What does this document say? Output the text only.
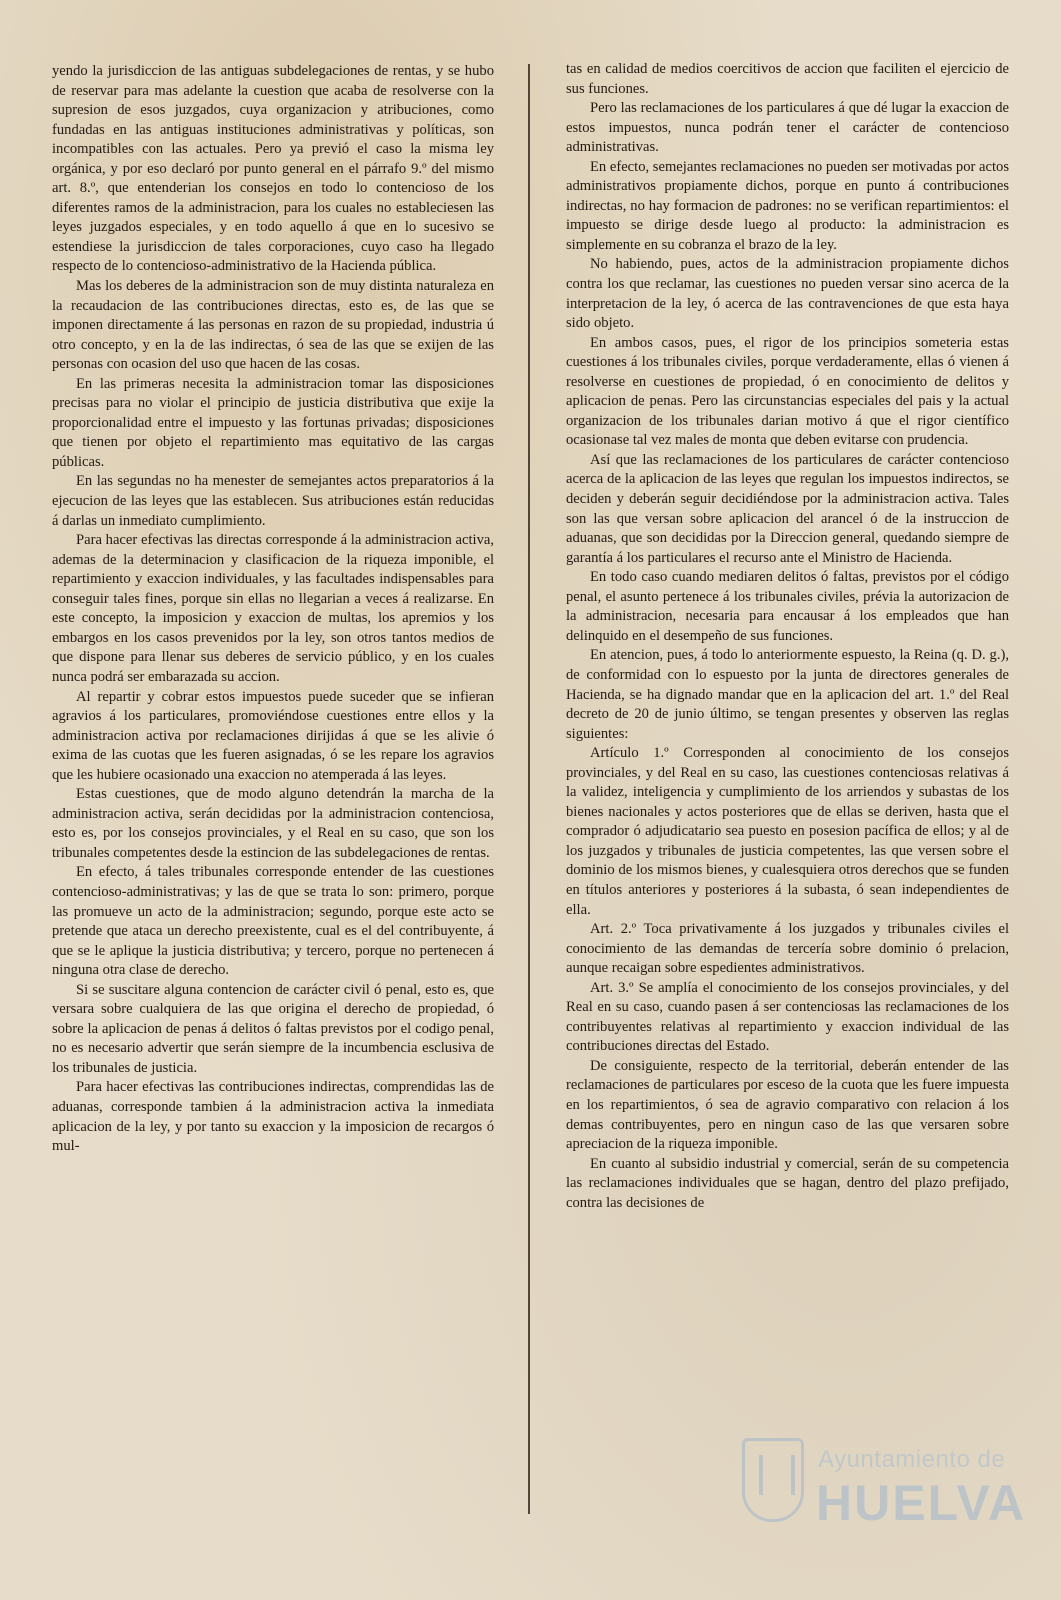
yendo la jurisdiccion de las antiguas subdelegaciones de rentas, y se hubo de reservar para mas adelante la cuestion que acaba de resolverse con la supresion de esos juzgados, cuya organizacion y atribuciones, como fundadas en las antiguas instituciones administrativas y políticas, son incompatibles con las actuales. Pero ya previó el caso la misma ley orgánica, y por eso declaró por punto general en el párrafo 9.º del mismo art. 8.º, que entenderian los consejos en todo lo contencioso de los diferentes ramos de la administracion, para los cuales no estableciesen las leyes juzgados especiales, y en todo aquello á que en lo sucesivo se estendiese la jurisdiccion de tales corporaciones, cuyo caso ha llegado respecto de lo contencioso-administrativo de la Hacienda pública.

Mas los deberes de la administracion son de muy distinta naturaleza en la recaudacion de las contribuciones directas, esto es, de las que se imponen directamente á las personas en razon de su propiedad, industria ú otro concepto, y en la de las indirectas, ó sea de las que se exijen de las personas con ocasion del uso que hacen de las cosas.

En las primeras necesita la administracion tomar las disposiciones precisas para no violar el principio de justicia distributiva que exije la proporcionalidad entre el impuesto y las fortunas privadas; disposiciones que tienen por objeto el repartimiento mas equitativo de las cargas públicas.

En las segundas no ha menester de semejantes actos preparatorios á la ejecucion de las leyes que las establecen. Sus atribuciones están reducidas á darlas un inmediato cumplimiento.

Para hacer efectivas las directas corresponde á la administracion activa, ademas de la determinacion y clasificacion de la riqueza imponible, el repartimiento y exaccion individuales, y las facultades indispensables para conseguir tales fines, porque sin ellas no llegarian a veces á realizarse. En este concepto, la imposicion y exaccion de multas, los apremios y los embargos en los casos prevenidos por la ley, son otros tantos medios de que dispone para llenar sus deberes de servicio público, y en los cuales nunca podrá ser embarazada su accion.

Al repartir y cobrar estos impuestos puede suceder que se infieran agravios á los particulares, promoviéndose cuestiones entre ellos y la administracion activa por reclamaciones dirijidas á que se les alivie ó exima de las cuotas que les fueren asignadas, ó se les repare los agravios que les hubiere ocasionado una exaccion no atemperada á las leyes.

Estas cuestiones, que de modo alguno detendrán la marcha de la administracion activa, serán decididas por la administracion contenciosa, esto es, por los consejos provinciales, y el Real en su caso, que son los tribunales competentes desde la estincion de las subdelegaciones de rentas.

En efecto, á tales tribunales corresponde entender de las cuestiones contencioso-administrativas; y las de que se trata lo son: primero, porque las promueve un acto de la administracion; segundo, porque este acto se pretende que ataca un derecho preexistente, cual es el del contribuyente, á que se le aplique la justicia distributiva; y tercero, porque no pertenecen á ninguna otra clase de derecho.

Si se suscitare alguna contencion de carácter civil ó penal, esto es, que versara sobre cualquiera de las que origina el derecho de propiedad, ó sobre la aplicacion de penas á delitos ó faltas previstos por el codigo penal, no es necesario advertir que serán siempre de la incumbencia esclusiva de los tribunales de justicia.

Para hacer efectivas las contribuciones indirectas, comprendidas las de aduanas, corresponde tambien á la administracion activa la inmediata aplicacion de la ley, y por tanto su exaccion y la imposicion de recargos ó mul-

tas en calidad de medios coercitivos de accion que faciliten el ejercicio de sus funciones.

Pero las reclamaciones de los particulares á que dé lugar la exaccion de estos impuestos, nunca podrán tener el carácter de contencioso administrativas.

En efecto, semejantes reclamaciones no pueden ser motivadas por actos administrativos propiamente dichos, porque en punto á contribuciones indirectas, no hay formacion de padrones: no se verifican repartimientos: el impuesto se dirige desde luego al producto: la administracion es simplemente en su cobranza el brazo de la ley.

No habiendo, pues, actos de la administracion propiamente dichos contra los que reclamar, las cuestiones no pueden versar sino acerca de la interpretacion de la ley, ó acerca de las contravenciones de que esta haya sido objeto.

En ambos casos, pues, el rigor de los principios someteria estas cuestiones á los tribunales civiles, porque verdaderamente, ellas ó vienen á resolverse en cuestiones de propiedad, ó en conocimiento de delitos y aplicacion de penas. Pero las circunstancias especiales del pais y la actual organizacion de los tribunales darian motivo á que el rigor científico ocasionase tal vez males de monta que deben evitarse con prudencia.

Así que las reclamaciones de los particulares de carácter contencioso acerca de la aplicacion de las leyes que regulan los impuestos indirectos, se deciden y deberán seguir decidiéndose por la administracion activa. Tales son las que versan sobre aplicacion del arancel ó de la instruccion de aduanas, que son decididas por la Direccion general, quedando siempre de garantía á los particulares el recurso ante el Ministro de Hacienda.

En todo caso cuando mediaren delitos ó faltas, previstos por el código penal, el asunto pertenece á los tribunales civiles, prévia la autorizacion de la administracion, necesaria para encausar á los empleados que han delinquido en el desempeño de sus funciones.

En atencion, pues, á todo lo anteriormente espuesto, la Reina (q. D. g.), de conformidad con lo espuesto por la junta de directores generales de Hacienda, se ha dignado mandar que en la aplicacion del art. 1.º del Real decreto de 20 de junio último, se tengan presentes y observen las reglas siguientes:

Artículo 1.º Corresponden al conocimiento de los consejos provinciales, y del Real en su caso, las cuestiones contenciosas relativas á la validez, inteligencia y cumplimiento de los arriendos y subastas de los bienes nacionales y actos posteriores que de ellas se deriven, hasta que el comprador ó adjudicatario sea puesto en posesion pacífica de ellos; y al de los juzgados y tribunales de justicia competentes, las que versen sobre el dominio de los mismos bienes, y cualesquiera otros derechos que se funden en títulos anteriores y posteriores á la subasta, ó sean independientes de ella.

Art. 2.º Toca privativamente á los juzgados y tribunales civiles el conocimiento de las demandas de tercería sobre dominio ó prelacion, aunque recaigan sobre espedientes administrativos.

Art. 3.º Se amplía el conocimiento de los consejos provinciales, y del Real en su caso, cuando pasen á ser contenciosas las reclamaciones de los contribuyentes relativas al repartimiento y exaccion individual de las contribuciones directas del Estado.

De consiguiente, respecto de la territorial, deberán entender de las reclamaciones de particulares por esceso de la cuota que les fuere impuesta en los repartimientos, ó sea de agravio comparativo con relacion á los demas contribuyentes, pero en ningun caso de las que versaren sobre apreciacion de la riqueza imponible.

En cuanto al subsidio industrial y comercial, serán de su competencia las reclamaciones individuales que se hagan, dentro del plazo prefijado, contra las decisiones de

Ayuntamiento de
HUELVA
